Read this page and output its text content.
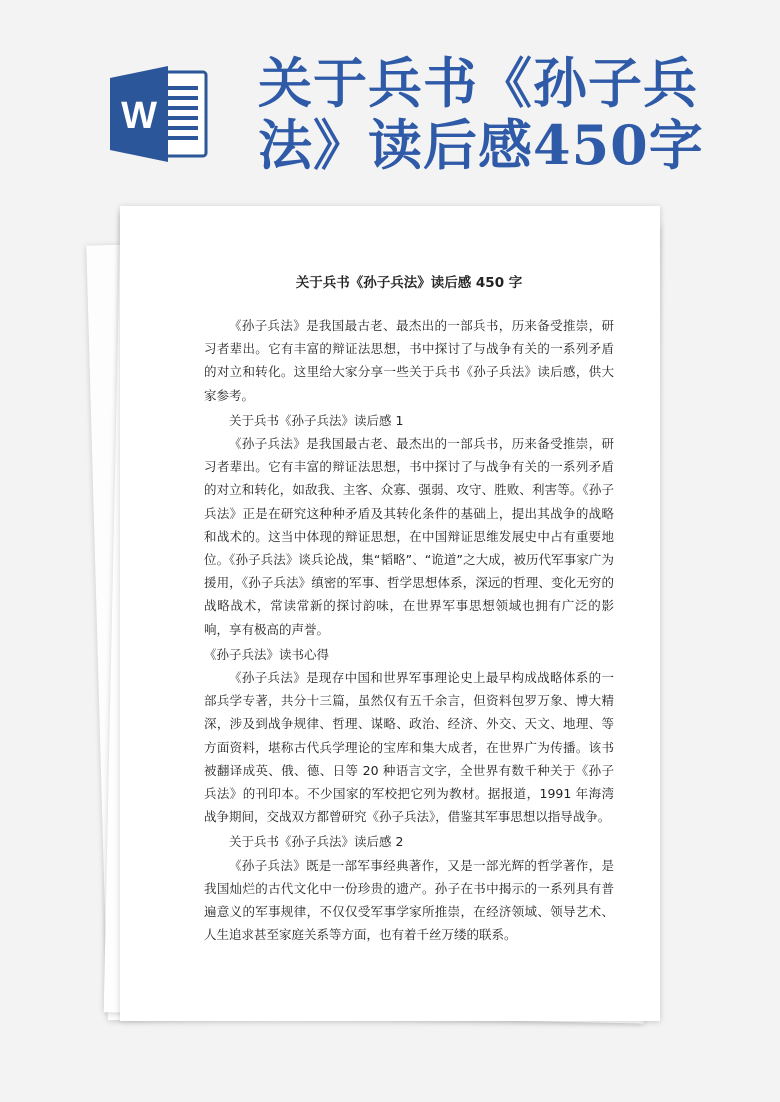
W
关于兵书《孙子兵法》读后感450字

关于兵书《孙子兵法》读后感 450 字

《孙子兵法》是我国最古老、最杰出的一部兵书，历来备受推崇，研习者辈出。它有丰富的辩证法思想，书中探讨了与战争有关的一系列矛盾的对立和转化。这里给大家分享一些关于兵书《孙子兵法》读后感，供大家参考。

关于兵书《孙子兵法》读后感 1

《孙子兵法》是我国最古老、最杰出的一部兵书，历来备受推崇，研习者辈出。它有丰富的辩证法思想，书中探讨了与战争有关的一系列矛盾的对立和转化，如敌我、主客、众寡、强弱、攻守、胜败、利害等。《孙子兵法》正是在研究这种种矛盾及其转化条件的基础上，提出其战争的战略和战术的。这当中体现的辩证思想，在中国辩证思维发展史中占有重要地位。《孙子兵法》谈兵论战，集“韬略”、“诡道”之大成，被历代军事家广为援用，《孙子兵法》缜密的军事、哲学思想体系，深远的哲理、变化无穷的战略战术，常读常新的探讨韵味，在世界军事思想领域也拥有广泛的影响，享有极高的声誉。

《孙子兵法》读书心得

《孙子兵法》是现存中国和世界军事理论史上最早构成战略体系的一部兵学专著，共分十三篇，虽然仅有五千余言，但资料包罗万象、博大精深，涉及到战争规律、哲理、谋略、政治、经济、外交、天文、地理、等方面资料，堪称古代兵学理论的宝库和集大成者，在世界广为传播。该书被翻译成英、俄、德、日等 20 种语言文字，全世界有数千种关于《孙子兵法》的刊印本。不少国家的军校把它列为教材。据报道，1991 年海湾战争期间，交战双方都曾研究《孙子兵法》，借鉴其军事思想以指导战争。

关于兵书《孙子兵法》读后感 2

《孙子兵法》既是一部军事经典著作，又是一部光辉的哲学著作，是我国灿烂的古代文化中一份珍贵的遗产。孙子在书中揭示的一系列具有普遍意义的军事规律，不仅仅受军事学家所推崇，在经济领域、领导艺术、人生追求甚至家庭关系等方面，也有着千丝万缕的联系。
